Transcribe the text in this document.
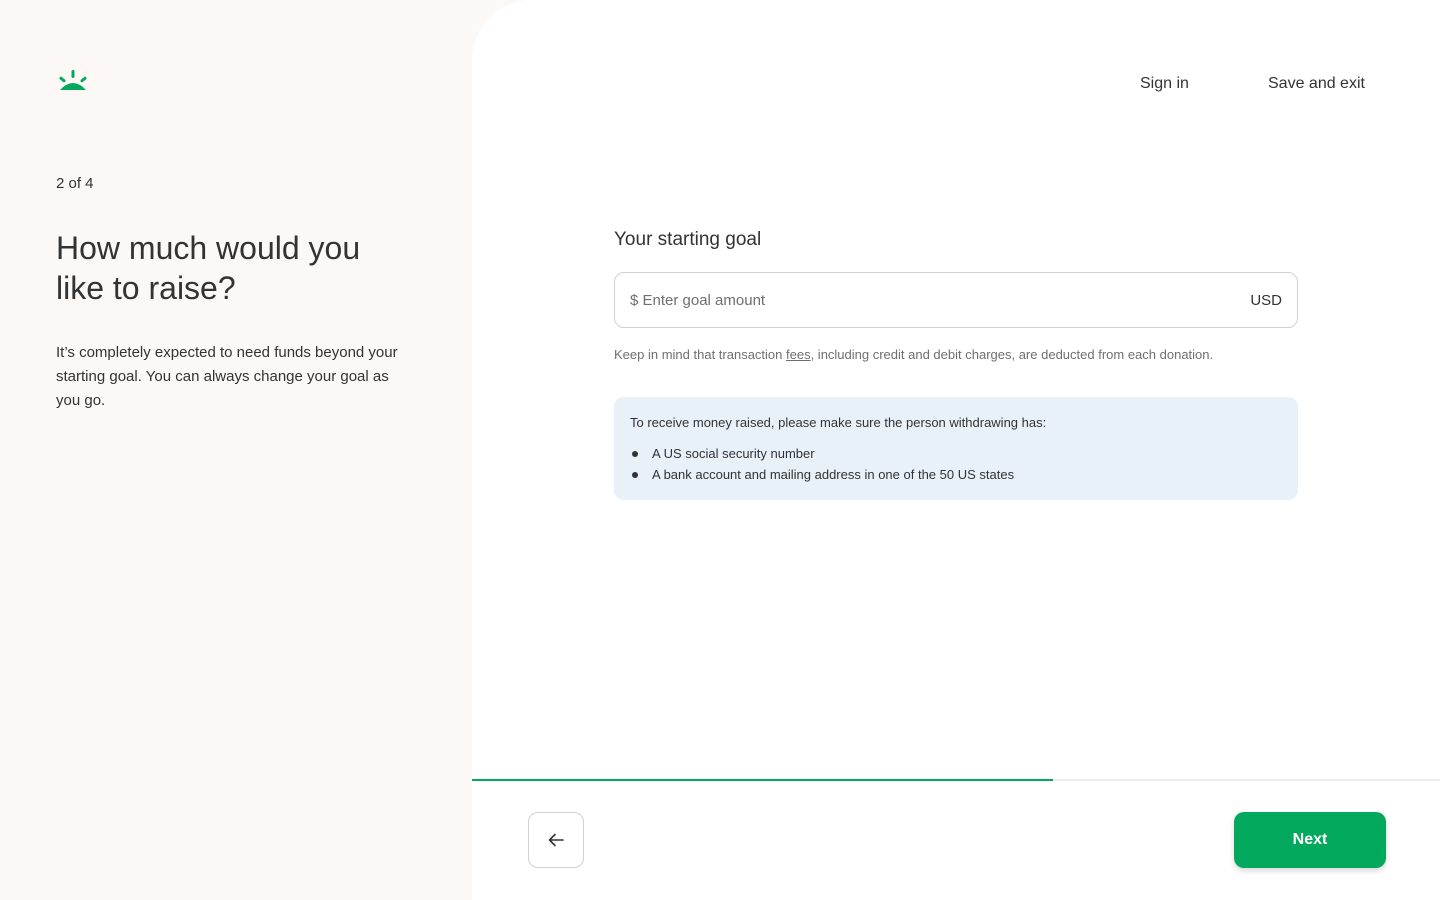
2 of 4
How much would you like to raise?

It’s completely expected to need funds beyond your starting goal. You can always change your goal as you go.

Sign in	Save and exit
Your starting goal
$ Enter goal amount
USD

Keep in mind that transaction fees, including credit and debit charges, are deducted from each donation.

To receive money raised, please make sure the person withdrawing has:

A US social security number
A bank account and mailing address in one of the 50 US states
Next
